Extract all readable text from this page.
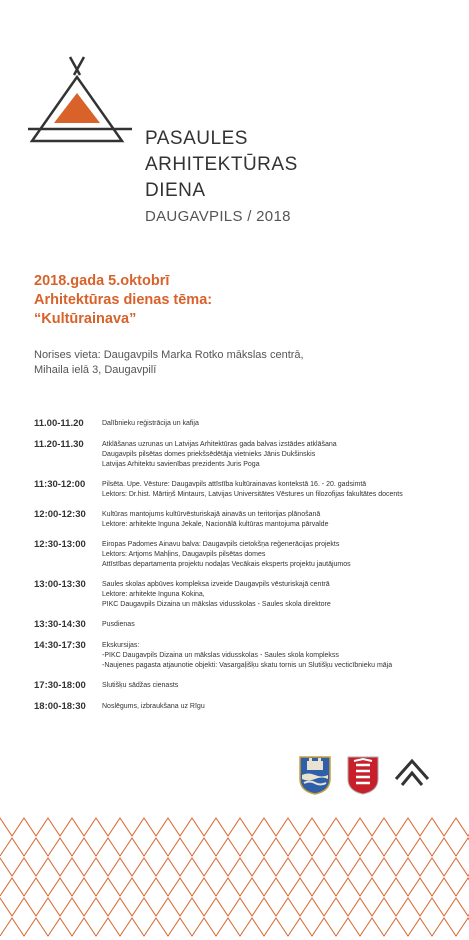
PASAULES
ARHITEKTŪRAS
DIENA
DAUGAVPILS / 2018
2018.gada 5.oktobrī
Arhitektūras dienas tēma:
“Kultūrainava”
Norises vieta: Daugavpils Marka Rotko mākslas centrā,
Mihaila ielā 3, Daugavpilī
11.00-11.20	Dalībnieku reģistrācija un kafija
11.20-11.30	Atklāšanas uzrunas un Latvijas Arhitektūras gada balvas izstādes atklāšana
Daugavpils pilsētas domes priekšsēdētāja vietnieks Jānis Dukšinskis
Latvijas Arhitektu savienības prezidents Juris Poga
11:30-12:00	Pilsēta. Upe. Vēsture: Daugavpils attīstība kultūrainavas kontekstā 16. - 20. gadsimtā
Lektors: Dr.hist. Mārtiņš Mintaurs, Latvijas Universitātes Vēstures un filozofijas fakultātes docents
12:00-12:30	Kultūras mantojums kultūrvēsturiskajā ainavās un teritorijas plānošanā
Lektore: arhitekte Inguna Jekale, Nacionālā kultūras mantojuma pārvalde
12:30-13:00	Eiropas Padomes Ainavu balva: Daugavpils cietokšņa reģenerācijas projekts
Lektors: Artjoms Mahļins, Daugavpils pilsētas domes
Attīstības departamenta projektu nodaļas Vecākais eksperts projektu jautājumos
13:00-13:30	Saules skolas apbūves kompleksa izveide Daugavpils vēsturiskajā centrā
Lektore: arhitekte Inguna Kokina,
PIKC Daugavpils Dizaina un mākslas vidusskolas - Saules skola direktore
13:30-14:30	Pusdienas
14:30-17:30	Ekskursijas:
-PIKC Daugavpils Dizaina un mākslas vidusskolas - Saules skola komplekss
-Naujenes pagasta atjaunotie objekti: Vasargaļišķu skatu tornis un Slutišķu vecticībnieku māja
17:30-18:00	Slutišķu sādžas cienasts
18:00-18:30	Noslēgums, izbraukšana uz Rīgu
